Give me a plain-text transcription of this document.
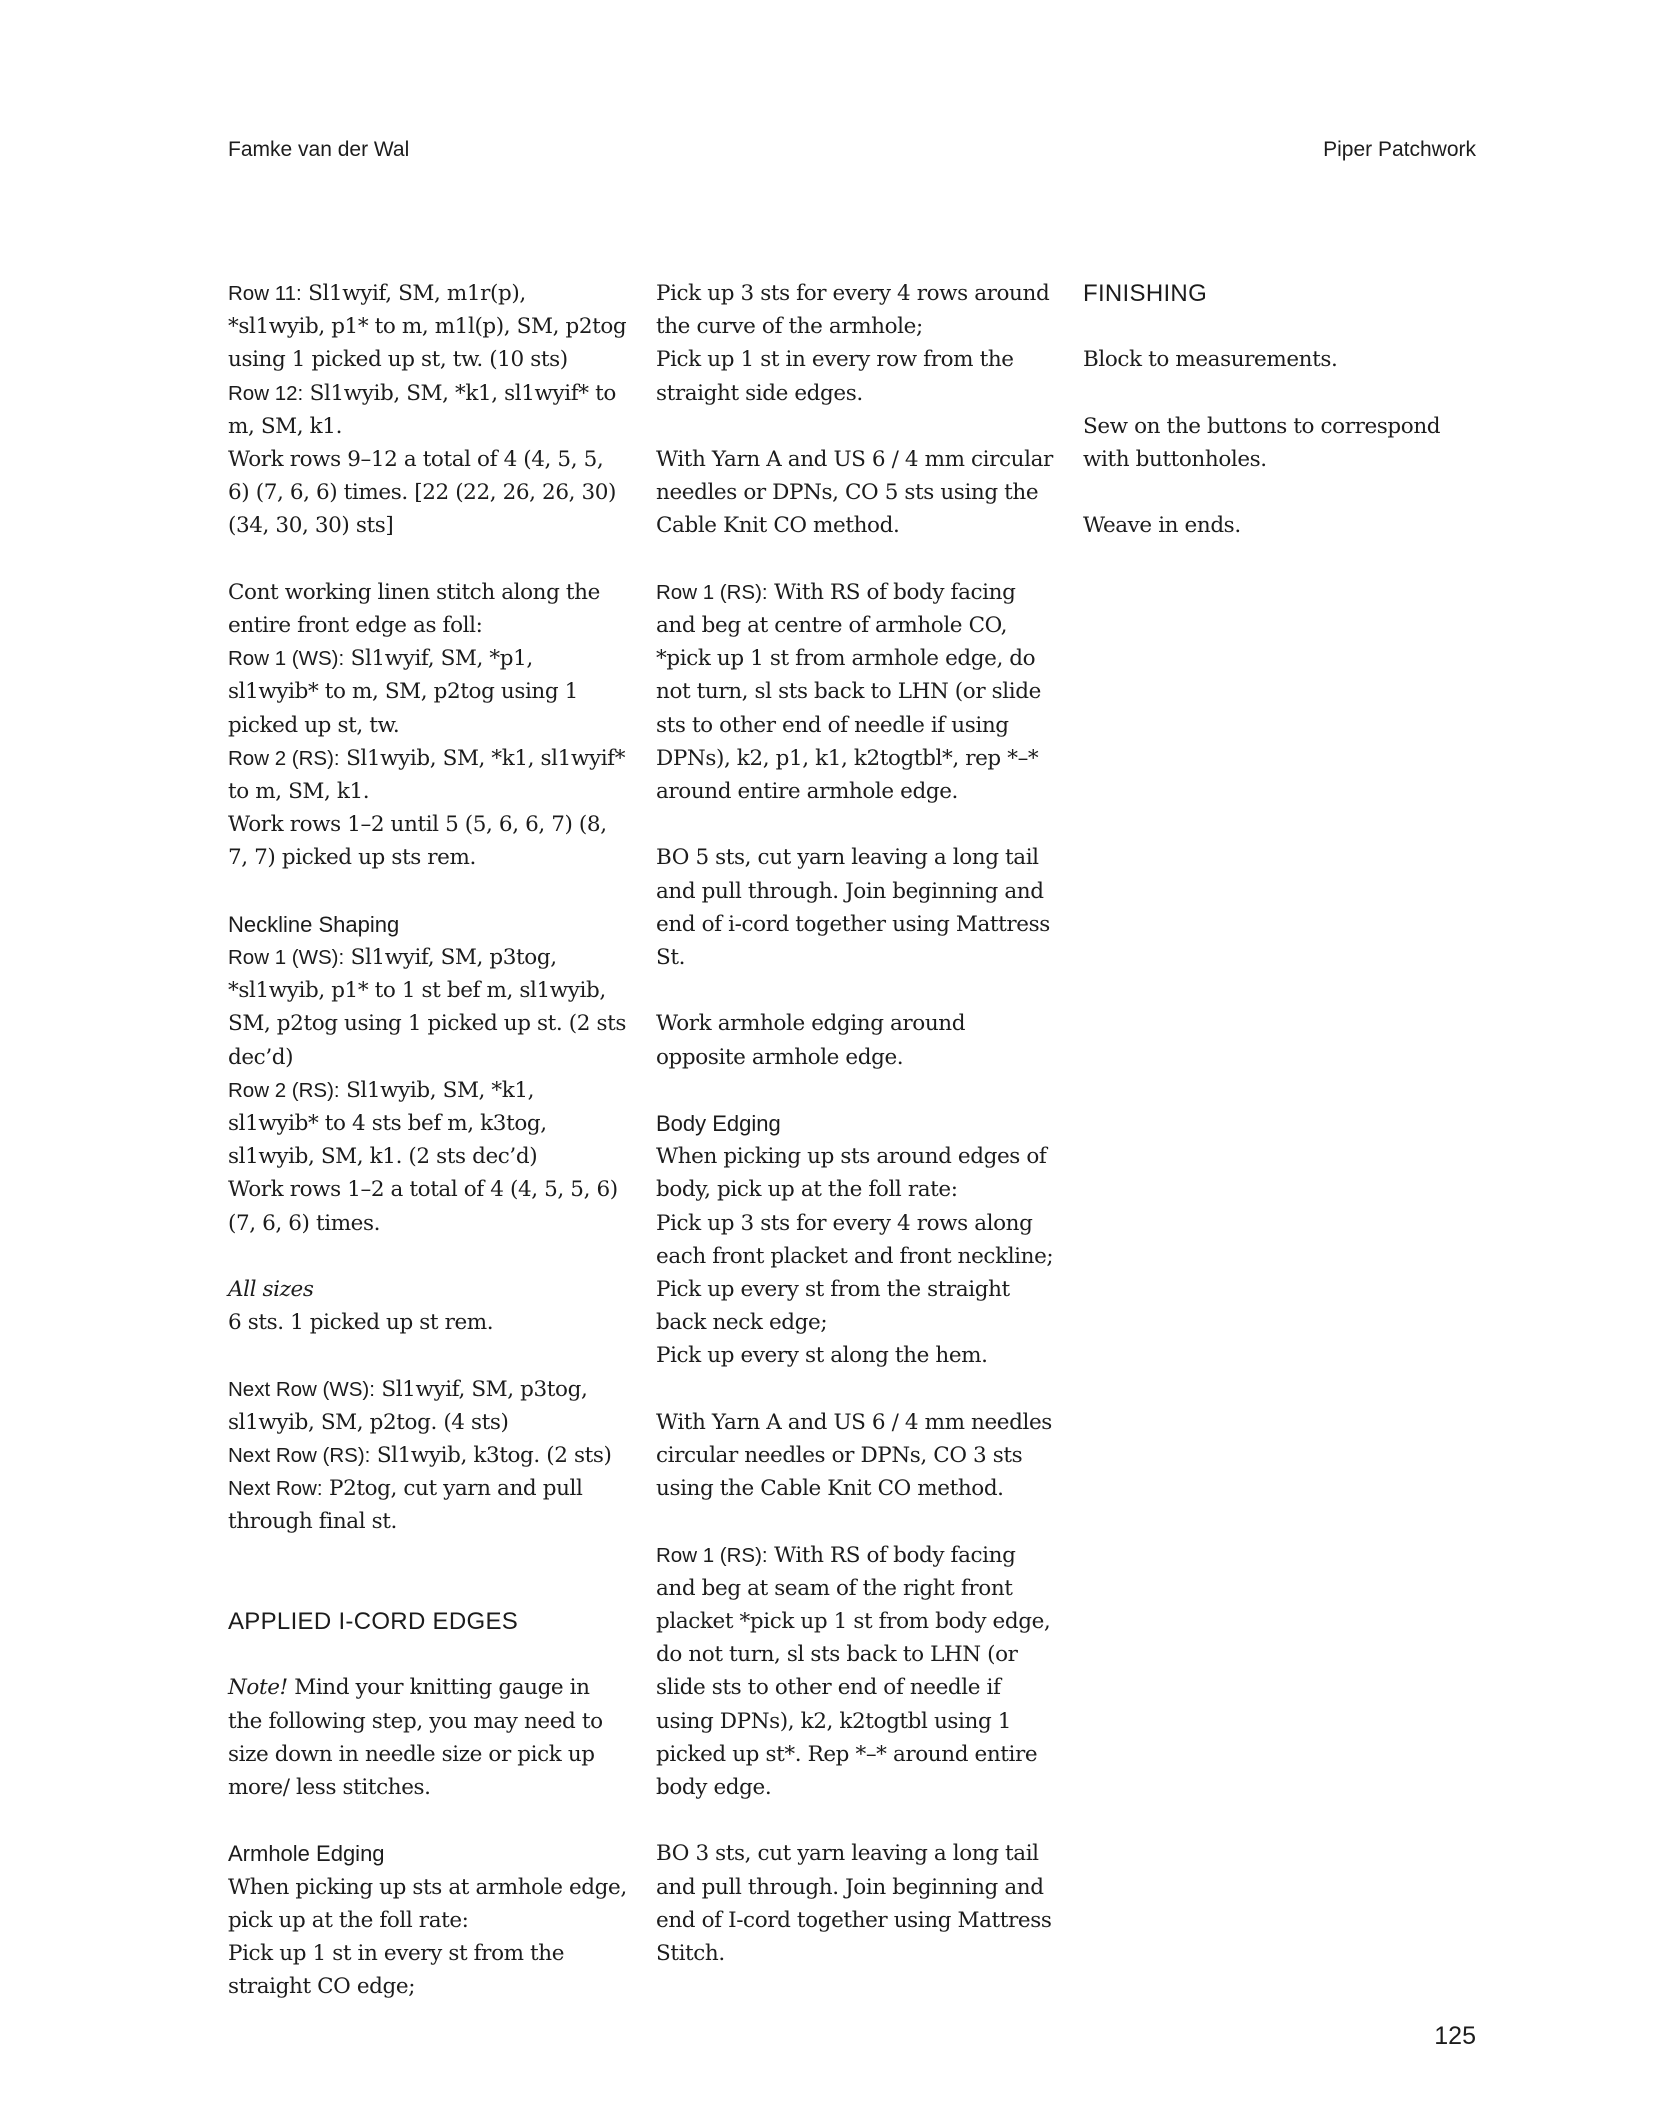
Famke van der Wal	Piper Patchwork

Row 11: Sl1wyif, SM, m1r(p), *sl1wyib, p1* to m, m1l(p), SM, p2tog using 1 picked up st, tw. (10 sts)

Row 12: Sl1wyib, SM, *k1, sl1wyif* to m, SM, k1.

Work rows 9–12 a total of 4 (4, 5, 5, 6) (7, 6, 6) times. [22 (22, 26, 26, 30) (34, 30, 30) sts]

Cont working linen stitch along the entire front edge as foll:

Row 1 (WS): Sl1wyif, SM, *p1, sl1wyib* to m, SM, p2tog using 1 picked up st, tw.

Row 2 (RS): Sl1wyib, SM, *k1, sl1wyif* to m, SM, k1.

Work rows 1–2 until 5 (5, 6, 6, 7) (8, 7, 7) picked up sts rem.

Neckline Shaping

Row 1 (WS): Sl1wyif, SM, p3tog, *sl1wyib, p1* to 1 st bef m, sl1wyib, SM, p2tog using 1 picked up st. (2 sts dec’d)

Row 2 (RS): Sl1wyib, SM, *k1, sl1wyib* to 4 sts bef m, k3tog, sl1wyib, SM, k1. (2 sts dec’d)

Work rows 1–2 a total of 4 (4, 5, 5, 6) (7, 6, 6) times.

All sizes

6 sts. 1 picked up st rem.

Next Row (WS): Sl1wyif, SM, p3tog, sl1wyib, SM, p2tog. (4 sts)

Next Row (RS): Sl1wyib, k3tog. (2 sts)

Next Row: P2tog, cut yarn and pull through final st.

APPLIED I-CORD EDGES

Note! Mind your knitting gauge in the following step, you may need to size down in needle size or pick up more/ less stitches.

Armhole Edging

When picking up sts at armhole edge, pick up at the foll rate:

Pick up 1 st in every st from the straight CO edge;

Pick up 3 sts for every 4 rows around the curve of the armhole;

Pick up 1 st in every row from the straight side edges.

With Yarn A and US 6 / 4 mm circular needles or DPNs, CO 5 sts using the Cable Knit CO method.

Row 1 (RS): With RS of body facing and beg at centre of armhole CO, *pick up 1 st from armhole edge, do not turn, sl sts back to LHN (or slide sts to other end of needle if using DPNs), k2, p1, k1, k2togtbl*, rep *–* around entire armhole edge.

BO 5 sts, cut yarn leaving a long tail and pull through. Join beginning and end of i-cord together using Mattress St.

Work armhole edging around opposite armhole edge.

Body Edging

When picking up sts around edges of body, pick up at the foll rate:

Pick up 3 sts for every 4 rows along each front placket and front neckline;

Pick up every st from the straight back neck edge;

Pick up every st along the hem.

With Yarn A and US 6 / 4 mm needles circular needles or DPNs, CO 3 sts using the Cable Knit CO method.

Row 1 (RS): With RS of body facing and beg at seam of the right front placket *pick up 1 st from body edge, do not turn, sl sts back to LHN (or slide sts to other end of needle if using DPNs), k2, k2togtbl using 1 picked up st*. Rep *–* around entire body edge.

BO 3 sts, cut yarn leaving a long tail and pull through. Join beginning and end of I-cord together using Mattress Stitch.

FINISHING

Block to measurements.

Sew on the buttons to correspond with buttonholes.

Weave in ends.

125
